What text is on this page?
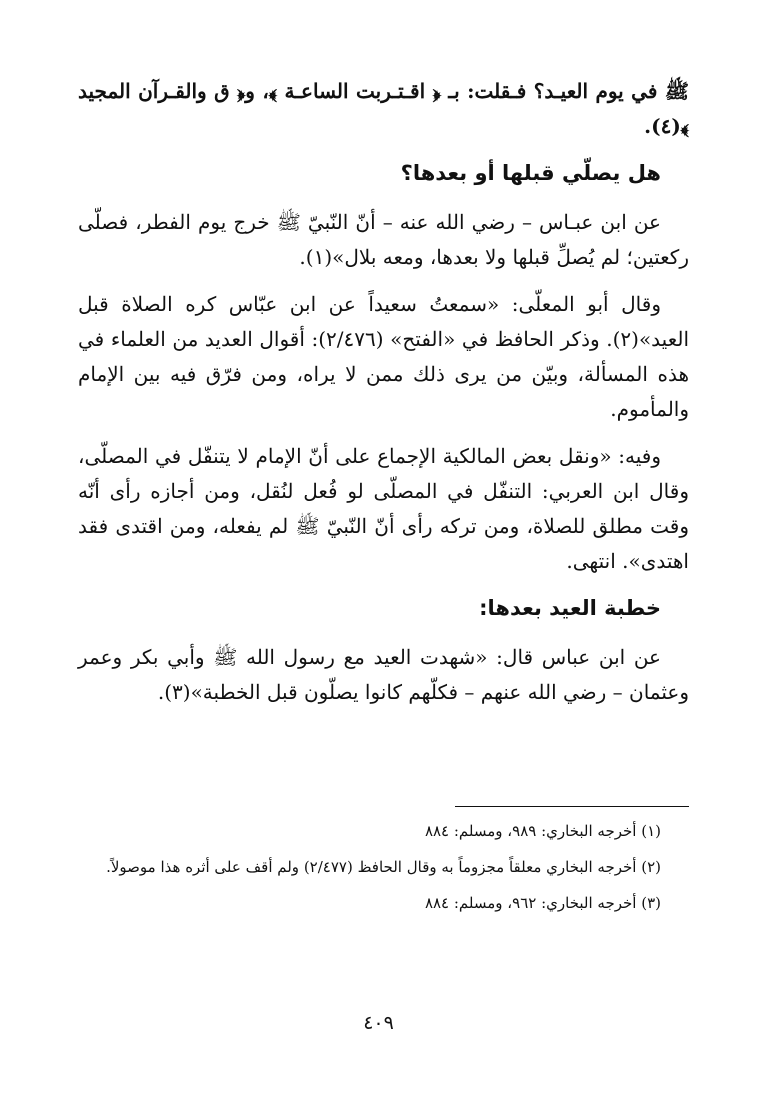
ﷺ في يوم العيـد؟ فـقلت: بـ ﴿ اقـتـربت الساعـة ﴾، و﴿ ق والقـرآن المجيد ﴾(٤).

هل يصلّي قبلها أو بعدها؟

عن ابن عبـاس – رضي الله عنه – أنّ النّبيّ ﷺ خرج يوم الفطر، فصلّى ركعتين؛ لم يُصلِّ قبلها ولا بعدها، ومعه بلال»(١).

وقال أبو المعلّى: «سمعتُ سعيداً عن ابن عبّاس كره الصلاة قبل العيد»(٢). وذكر الحافظ في «الفتح» (٢/٤٧٦): أقوال العديد من العلماء في هذه المسألة، وبيّن من يرى ذلك ممن لا يراه، ومن فرّق فيه بين الإمام والمأموم.

وفيه: «ونقل بعض المالكية الإجماع على أنّ الإمام لا يتنفّل في المصلّى، وقال ابن العربي: التنفّل في المصلّى لو فُعل لنُقل، ومن أجازه رأى أنّه وقت مطلق للصلاة، ومن تركه رأى أنّ النّبيّ ﷺ لم يفعله، ومن اقتدى فقد اهتدى». انتهى.

خطبة العيد بعدها:

عن ابن عباس قال: «شهدت العيد مع رسول الله ﷺ وأبي بكر وعمر وعثمان – رضي الله عنهم – فكلّهم كانوا يصلّون قبل الخطبة»(٣).

(١) أخرجه البخاري: ٩٨٩، ومسلم: ٨٨٤

(٢) أخرجه البخاري معلقاً مجزوماً به وقال الحافظ (٢/٤٧٧) ولم أقف على أثره هذا موصولاً.

(٣) أخرجه البخاري: ٩٦٢، ومسلم: ٨٨٤

٤٠٩
